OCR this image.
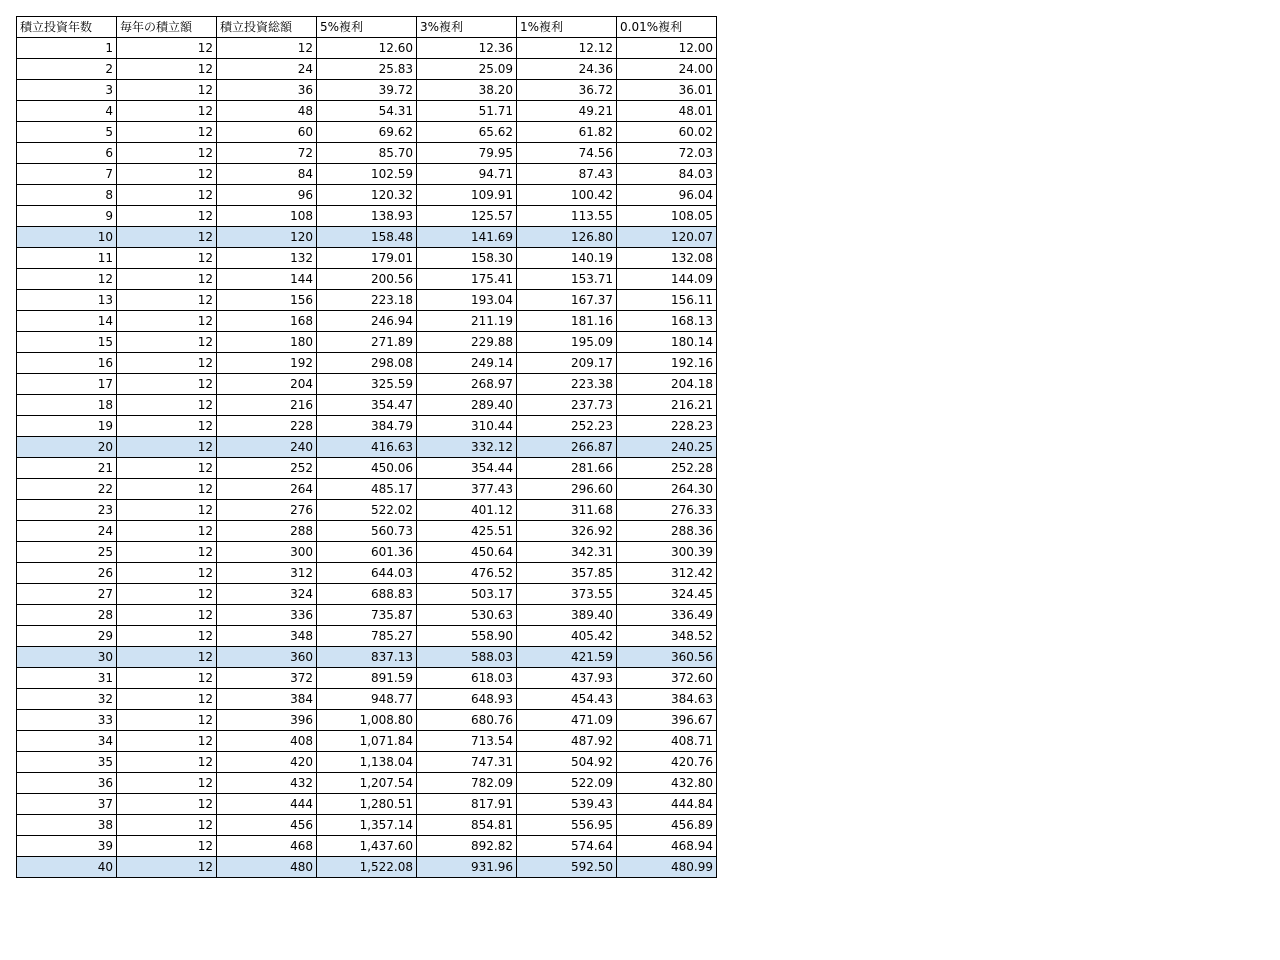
積立投資年数	毎年の積立額	積立投資総額	5%複利	3%複利	1%複利	0.01%複利
1	12	12	12.60	12.36	12.12	12.00
2	12	24	25.83	25.09	24.36	24.00
3	12	36	39.72	38.20	36.72	36.01
4	12	48	54.31	51.71	49.21	48.01
5	12	60	69.62	65.62	61.82	60.02
6	12	72	85.70	79.95	74.56	72.03
7	12	84	102.59	94.71	87.43	84.03
8	12	96	120.32	109.91	100.42	96.04
9	12	108	138.93	125.57	113.55	108.05
10	12	120	158.48	141.69	126.80	120.07
11	12	132	179.01	158.30	140.19	132.08
12	12	144	200.56	175.41	153.71	144.09
13	12	156	223.18	193.04	167.37	156.11
14	12	168	246.94	211.19	181.16	168.13
15	12	180	271.89	229.88	195.09	180.14
16	12	192	298.08	249.14	209.17	192.16
17	12	204	325.59	268.97	223.38	204.18
18	12	216	354.47	289.40	237.73	216.21
19	12	228	384.79	310.44	252.23	228.23
20	12	240	416.63	332.12	266.87	240.25
21	12	252	450.06	354.44	281.66	252.28
22	12	264	485.17	377.43	296.60	264.30
23	12	276	522.02	401.12	311.68	276.33
24	12	288	560.73	425.51	326.92	288.36
25	12	300	601.36	450.64	342.31	300.39
26	12	312	644.03	476.52	357.85	312.42
27	12	324	688.83	503.17	373.55	324.45
28	12	336	735.87	530.63	389.40	336.49
29	12	348	785.27	558.90	405.42	348.52
30	12	360	837.13	588.03	421.59	360.56
31	12	372	891.59	618.03	437.93	372.60
32	12	384	948.77	648.93	454.43	384.63
33	12	396	1,008.80	680.76	471.09	396.67
34	12	408	1,071.84	713.54	487.92	408.71
35	12	420	1,138.04	747.31	504.92	420.76
36	12	432	1,207.54	782.09	522.09	432.80
37	12	444	1,280.51	817.91	539.43	444.84
38	12	456	1,357.14	854.81	556.95	456.89
39	12	468	1,437.60	892.82	574.64	468.94
40	12	480	1,522.08	931.96	592.50	480.99
